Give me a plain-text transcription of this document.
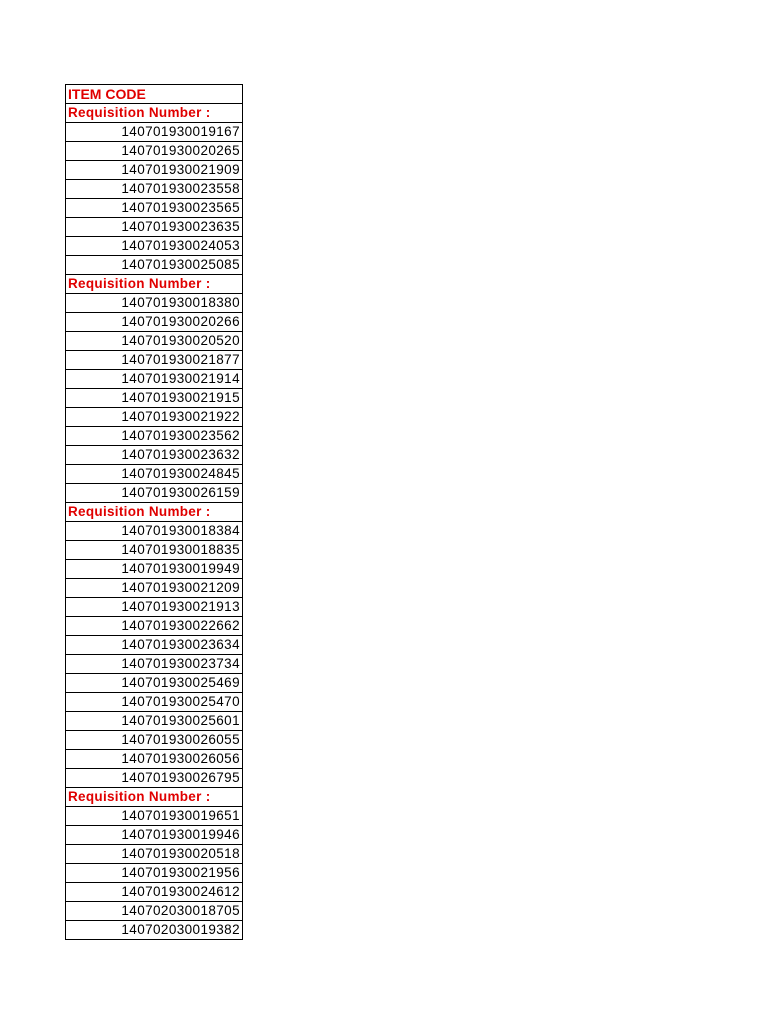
ITEM CODE
Requisition Number :
140701930019167
140701930020265
140701930021909
140701930023558
140701930023565
140701930023635
140701930024053
140701930025085
Requisition Number :
140701930018380
140701930020266
140701930020520
140701930021877
140701930021914
140701930021915
140701930021922
140701930023562
140701930023632
140701930024845
140701930026159
Requisition Number :
140701930018384
140701930018835
140701930019949
140701930021209
140701930021913
140701930022662
140701930023634
140701930023734
140701930025469
140701930025470
140701930025601
140701930026055
140701930026056
140701930026795
Requisition Number :
140701930019651
140701930019946
140701930020518
140701930021956
140701930024612
140702030018705
140702030019382
